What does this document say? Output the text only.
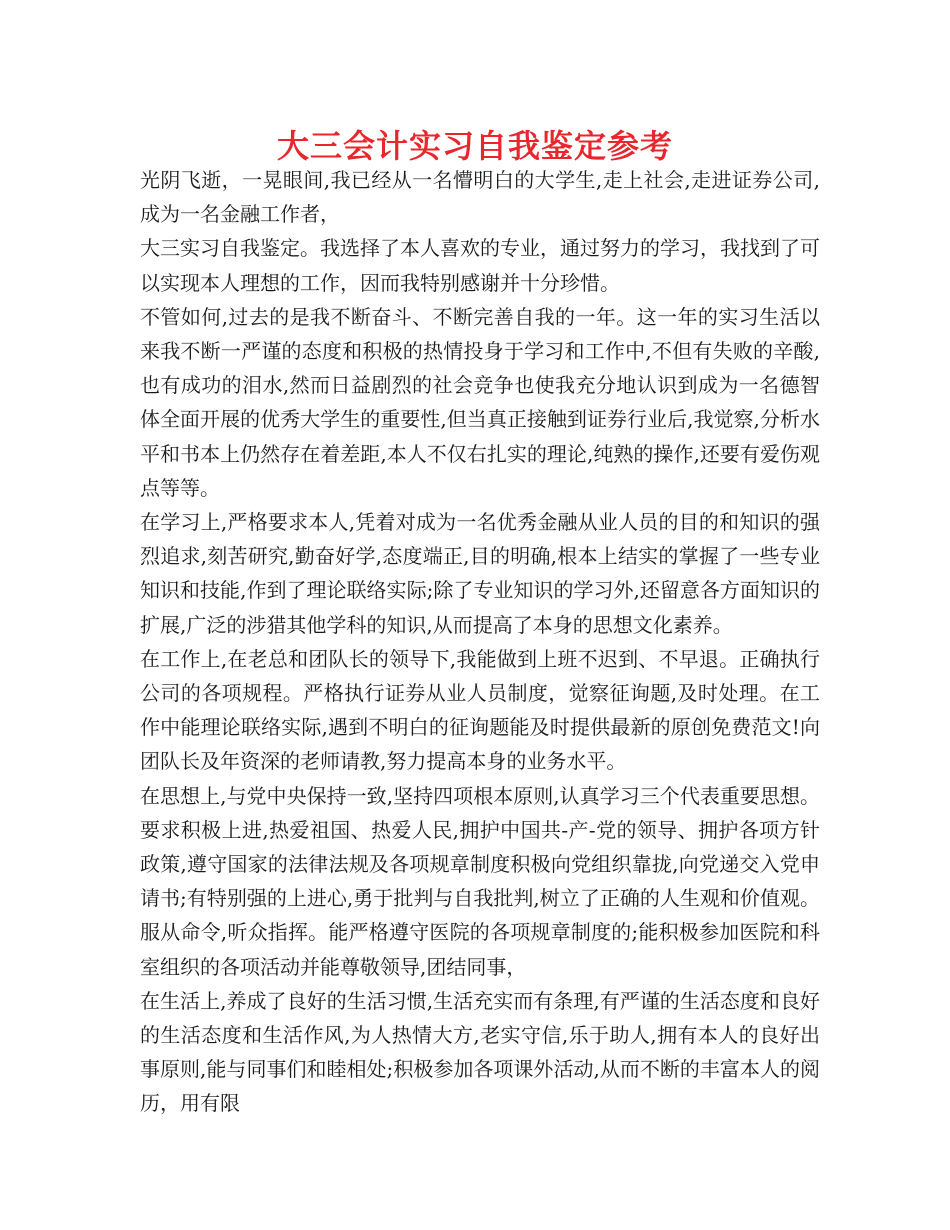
大三会计实习自我鉴定参考

光阴飞逝，一晃眼间,我已经从一名懵明白的大学生,走上社会,走进证券公司,成为一名金融工作者，

大三实习自我鉴定。我选择了本人喜欢的专业，通过努力的学习，我找到了可以实现本人理想的工作，因而我特别感谢并十分珍惜。

不管如何,过去的是我不断奋斗、不断完善自我的一年。这一年的实习生活以来我不断一严谨的态度和积极的热情投身于学习和工作中,不但有失败的辛酸,也有成功的泪水,然而日益剧烈的社会竞争也使我充分地认识到成为一名德智体全面开展的优秀大学生的重要性,但当真正接触到证券行业后,我觉察,分析水平和书本上仍然存在着差距,本人不仅右扎实的理论,纯熟的操作,还要有爱伤观点等等。

在学习上,严格要求本人,凭着对成为一名优秀金融从业人员的目的和知识的强烈追求,刻苦研究,勤奋好学,态度端正,目的明确,根本上结实的掌握了一些专业知识和技能,作到了理论联络实际;除了专业知识的学习外,还留意各方面知识的扩展,广泛的涉猎其他学科的知识,从而提高了本身的思想文化素养。

在工作上,在老总和团队长的领导下,我能做到上班不迟到、不早退。正确执行公司的各项规程。严格执行证券从业人员制度，觉察征询题,及时处理。在工作中能理论联络实际,遇到不明白的征询题能及时提供最新的原创免费范文!向团队长及年资深的老师请教,努力提高本身的业务水平。

在思想上,与党中央保持一致,坚持四项根本原则,认真学习三个代表重要思想。要求积极上进,热爱祖国、热爱人民,拥护中国共-产-党的领导、拥护各项方针政策,遵守国家的法律法规及各项规章制度积极向党组织靠拢,向党递交入党申请书;有特别强的上进心,勇于批判与自我批判,树立了正确的人生观和价值观。服从命令,听众指挥。能严格遵守医院的各项规章制度的;能积极参加医院和科室组织的各项活动并能尊敬领导,团结同事，

在生活上,养成了良好的生活习惯,生活充实而有条理,有严谨的生活态度和良好的生活态度和生活作风,为人热情大方,老实守信,乐于助人,拥有本人的良好出事原则,能与同事们和睦相处;积极参加各项课外活动,从而不断的丰富本人的阅历，用有限
